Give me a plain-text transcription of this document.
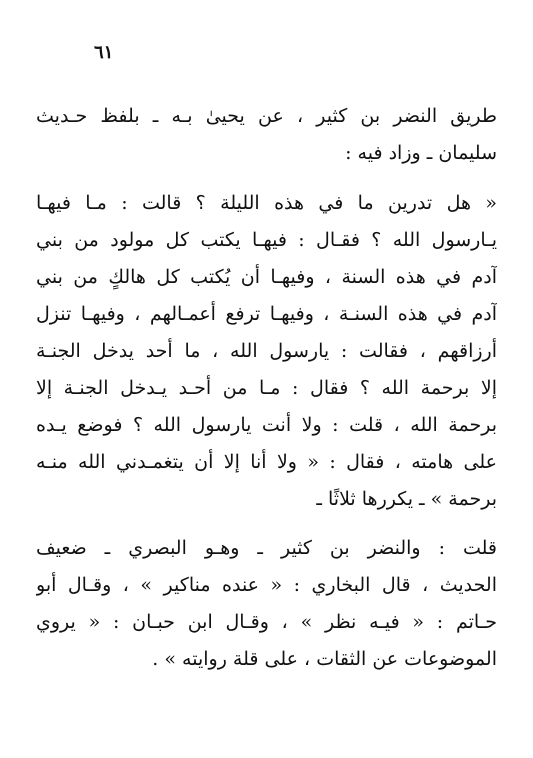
٦١
طريق النضر بن كثير ، عن يحيىٰ بـه ـ بلفظ حـديث
سليمان ـ وزاد فيه :
« هل تدرين ما في هذه الليلة ؟ قالت : مـا فيهـا
يـارسول الله ؟ فقـال : فيهـا يكتب كل مولود من بني
آدم في هذه السنة ، وفيهـا أن يُكتب كل هالكٍ من بني
آدم في هذه السنـة ، وفيهـا ترفع أعمـالهم ، وفيهـا تنزل
أرزاقهم ، فقالت : يارسول الله ، ما أحد يدخل الجنـة
إلا برحمة الله ؟ فقال : مـا من أحـد يـدخل الجنـة إلا
برحمة الله ، قلت : ولا أنت يارسول الله ؟ فوضع يـده
على هامته ، فقال : « ولا أنا إلا أن يتغمـدني الله منـه
برحمة » ـ يكررها ثلاثًا ـ
قلت : والنضر بن كثير ـ وهـو البصري ـ ضعيف
الحديث ، قال البخاري : « عنده مناكير » ، وقـال أبو
حـاتم : « فيـه نظر » ، وقـال ابن حبـان : « يروي
الموضوعات عن الثقات ، على قلة روايته » .
